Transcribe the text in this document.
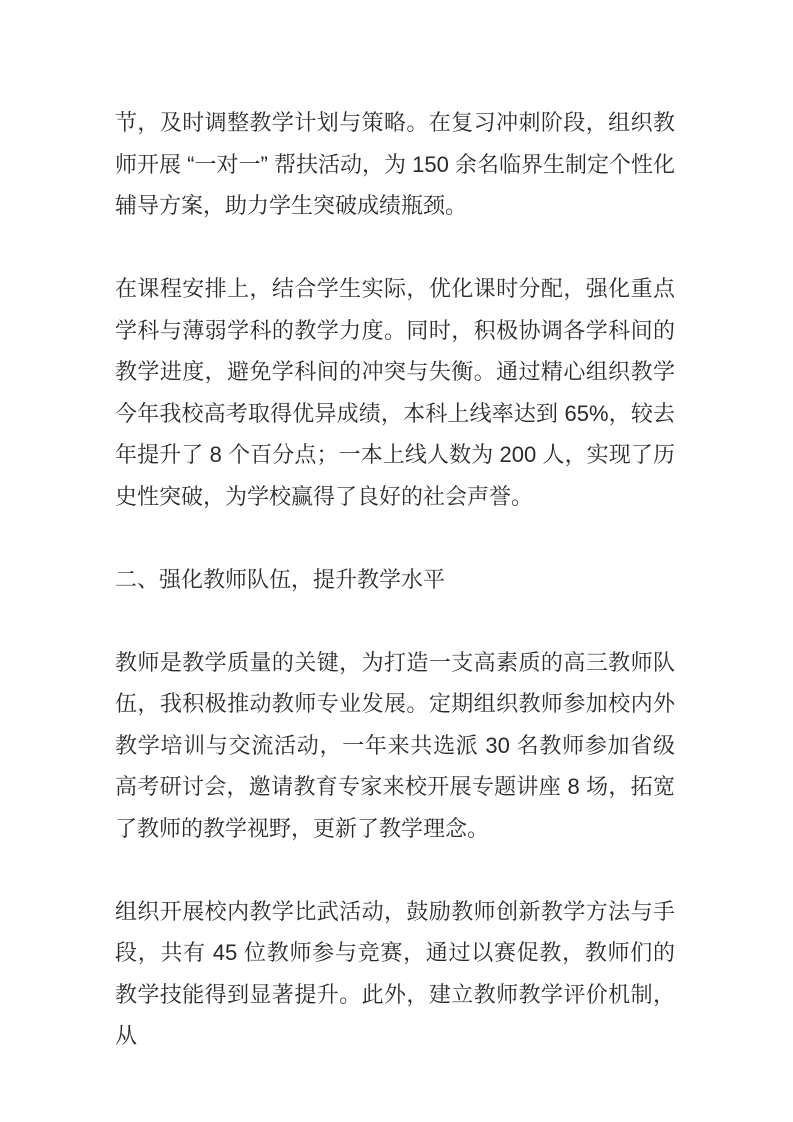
节，及时调整教学计划与策略。在复习冲刺阶段，组织教师开展 “一对一” 帮扶活动，为 150 余名临界生制定个性化辅导方案，助力学生突破成绩瓶颈。

在课程安排上，结合学生实际，优化课时分配，强化重点学科与薄弱学科的教学力度。同时，积极协调各学科间的教学进度，避免学科间的冲突与失衡。通过精心组织教学今年我校高考取得优异成绩，本科上线率达到 65%，较去年提升了 8 个百分点；一本上线人数为 200 人，实现了历史性突破，为学校赢得了良好的社会声誉。

二、强化教师队伍，提升教学水平

教师是教学质量的关键，为打造一支高素质的高三教师队伍，我积极推动教师专业发展。定期组织教师参加校内外教学培训与交流活动，一年来共选派 30 名教师参加省级高考研讨会，邀请教育专家来校开展专题讲座 8 场，拓宽了教师的教学视野，更新了教学理念。

组织开展校内教学比武活动，鼓励教师创新教学方法与手段，共有 45 位教师参与竞赛，通过以赛促教，教师们的教学技能得到显著提升。此外，建立教师教学评价机制，从
